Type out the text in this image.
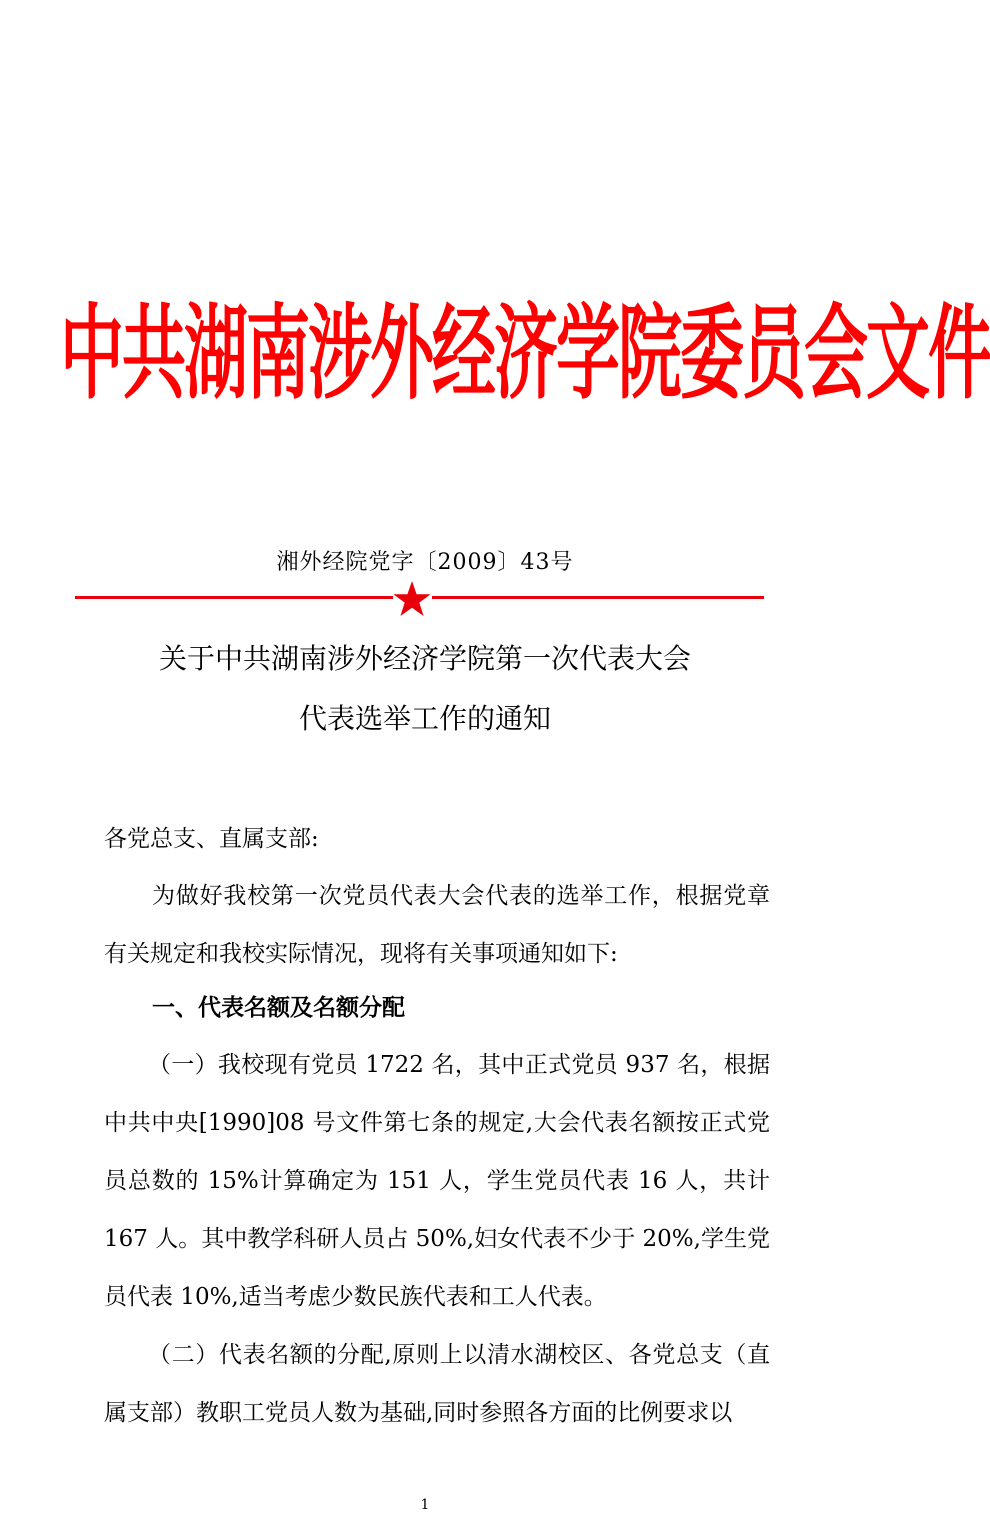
中共湖南涉外经济学院委员会文件
湘外经院党字〔2009〕43号
关于中共湖南涉外经济学院第一次代表大会
代表选举工作的通知
各党总支、直属支部:
为做好我校第一次党员代表大会代表的选举工作，根据党章有关规定和我校实际情况，现将有关事项通知如下:
一、代表名额及名额分配
（一）我校现有党员 1722 名，其中正式党员 937 名，根据中共中央[1990]08 号文件第七条的规定,大会代表名额按正式党员总数的 15%计算确定为 151 人，学生党员代表 16 人，共计 167 人。其中教学科研人员占 50%,妇女代表不少于 20%,学生党员代表 10%,适当考虑少数民族代表和工人代表。
（二）代表名额的分配,原则上以清水湖校区、各党总支（直属支部）教职工党员人数为基础,同时参照各方面的比例要求以
1
